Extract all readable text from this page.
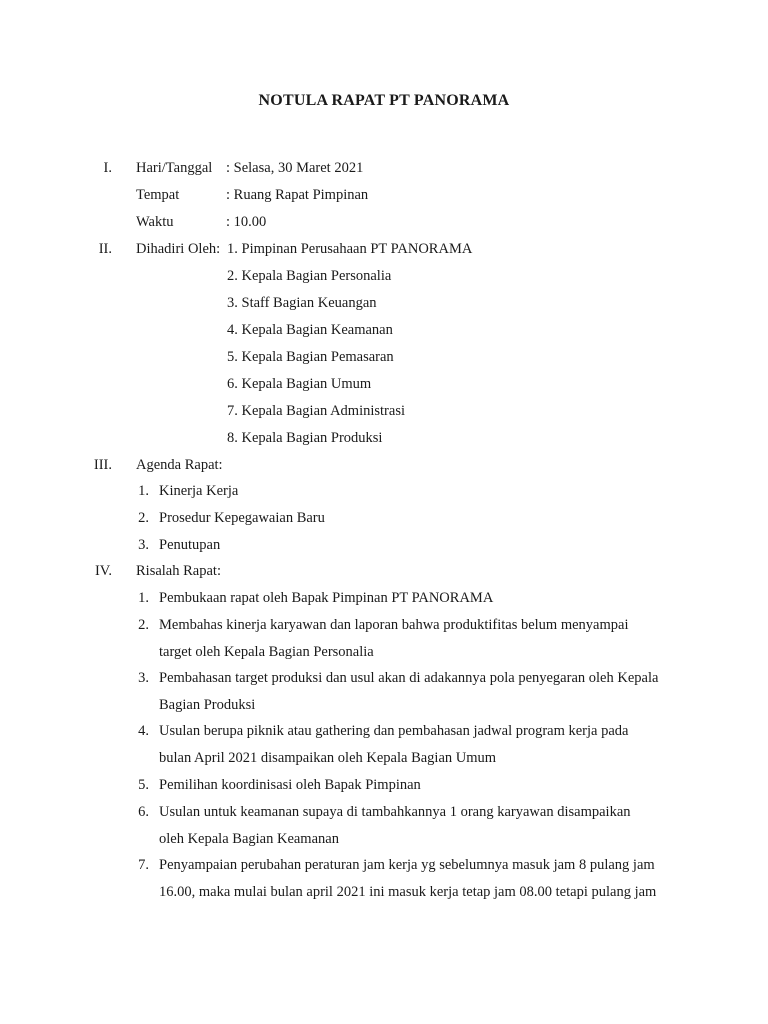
NOTULA RAPAT PT PANORAMA
I. Hari/Tanggal : Selasa, 30 Maret 2021
Tempat	: Ruang Rapat Pimpinan
Waktu	: 10.00
II. Dihadiri Oleh: 1. Pimpinan Perusahaan PT PANORAMA
2. Kepala Bagian Personalia
3. Staff Bagian Keuangan
4. Kepala Bagian Keamanan
5. Kepala Bagian Pemasaran
6. Kepala Bagian Umum
7. Kepala Bagian Administrasi
8. Kepala Bagian Produksi
III. Agenda Rapat:
1. Kinerja Kerja
2. Prosedur Kepegawaian Baru
3. Penutupan
IV. Risalah Rapat:
1. Pembukaan rapat oleh Bapak Pimpinan PT PANORAMA
2. Membahas kinerja karyawan dan laporan bahwa produktifitas belum menyampai
target oleh Kepala Bagian Personalia
3. Pembahasan target produksi dan usul akan di adakannya pola penyegaran oleh Kepala
Bagian Produksi
4. Usulan berupa piknik atau gathering dan pembahasan jadwal program kerja pada
bulan April 2021 disampaikan oleh Kepala Bagian Umum
5. Pemilihan koordinisasi oleh Bapak Pimpinan
6. Usulan untuk keamanan supaya di tambahkannya 1 orang karyawan disampaikan
oleh Kepala Bagian Keamanan
7. Penyampaian perubahan peraturan jam kerja yg sebelumnya masuk jam 8 pulang jam
16.00, maka mulai bulan april 2021 ini masuk kerja tetap jam 08.00 tetapi pulang jam
